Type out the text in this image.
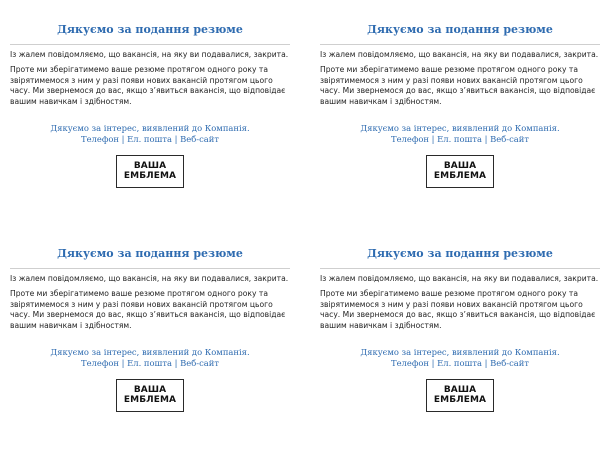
Дякуємо за подання резюме

Із жалем повідомляємо, що вакансія, на яку ви подавалися, закрита.

Проте ми зберігатимемо ваше резюме протягом одного року та звірятимемося з ним у разі появи нових вакансій протягом цього часу. Ми звернемося до вас, якщо з’явиться вакансія, що відповідає вашим навичкам і здібностям.

Дякуємо за інтерес, виявлений до Компанія.

Телефон | Ел. пошта | Веб-сайт

ВАША
ЕМБЛЕМА

Дякуємо за подання резюме

Із жалем повідомляємо, що вакансія, на яку ви подавалися, закрита.

Проте ми зберігатимемо ваше резюме протягом одного року та звірятимемося з ним у разі появи нових вакансій протягом цього часу. Ми звернемося до вас, якщо з’явиться вакансія, що відповідає вашим навичкам і здібностям.

Дякуємо за інтерес, виявлений до Компанія.

Телефон | Ел. пошта | Веб-сайт

ВАША
ЕМБЛЕМА

Дякуємо за подання резюме

Із жалем повідомляємо, що вакансія, на яку ви подавалися, закрита.

Проте ми зберігатимемо ваше резюме протягом одного року та звірятимемося з ним у разі появи нових вакансій протягом цього часу. Ми звернемося до вас, якщо з’явиться вакансія, що відповідає вашим навичкам і здібностям.

Дякуємо за інтерес, виявлений до Компанія.

Телефон | Ел. пошта | Веб-сайт

ВАША
ЕМБЛЕМА

Дякуємо за подання резюме

Із жалем повідомляємо, що вакансія, на яку ви подавалися, закрита.

Проте ми зберігатимемо ваше резюме протягом одного року та звірятимемося з ним у разі появи нових вакансій протягом цього часу. Ми звернемося до вас, якщо з’явиться вакансія, що відповідає вашим навичкам і здібностям.

Дякуємо за інтерес, виявлений до Компанія.

Телефон | Ел. пошта | Веб-сайт

ВАША
ЕМБЛЕМА
